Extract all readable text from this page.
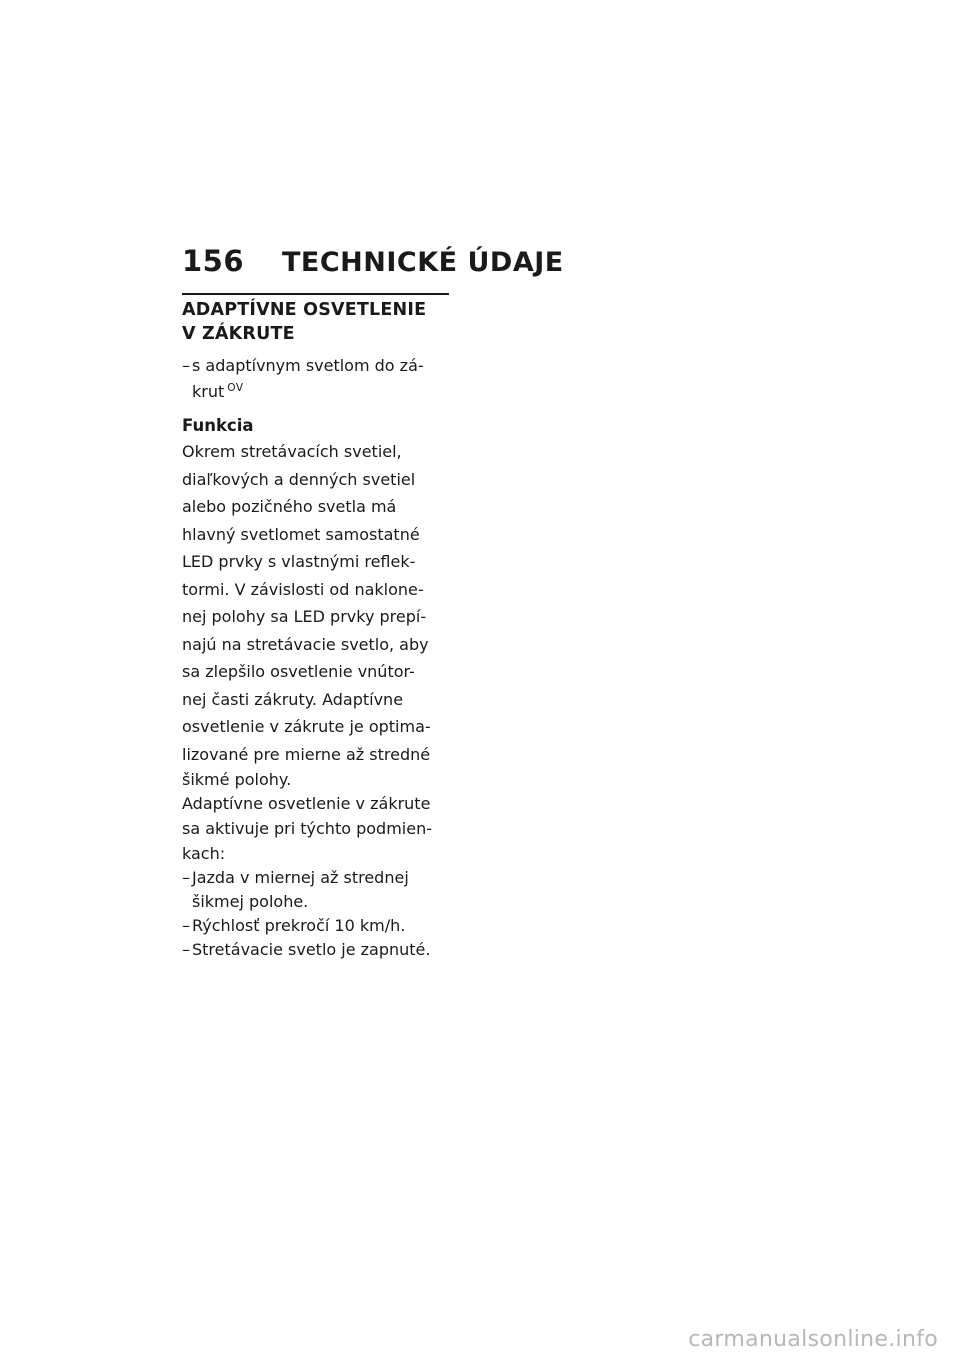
156	TECHNICKÉ ÚDAJE
ADAPTÍVNE OSVETLENIE
V ZÁKRUTE
– s adaptívnym svetlom do zá-
krut $^{OV}$
Funkcia
Okrem stretávacích svetiel,
diaľkových a denných svetiel
alebo pozičného svetla má
hlavný svetlomet samostatné
LED prvky s vlastnými reflek-
tormi. V závislosti od naklone-
nej polohy sa LED prvky prepí-
najú na stretávacie svetlo, aby
sa zlepšilo osvetlenie vnútor-
nej časti zákruty. Adaptívne
osvetlenie v zákrute je optima-
lizované pre mierne až stredné
šikmé polohy.
Adaptívne osvetlenie v zákrute
sa aktivuje pri týchto podmien-
kach:
– Jazda v miernej až strednej
šikmej polohe.
– Rýchlosť prekročí 10 km/h.
– Stretávacie svetlo je zapnuté.
carmanualsonline.info
